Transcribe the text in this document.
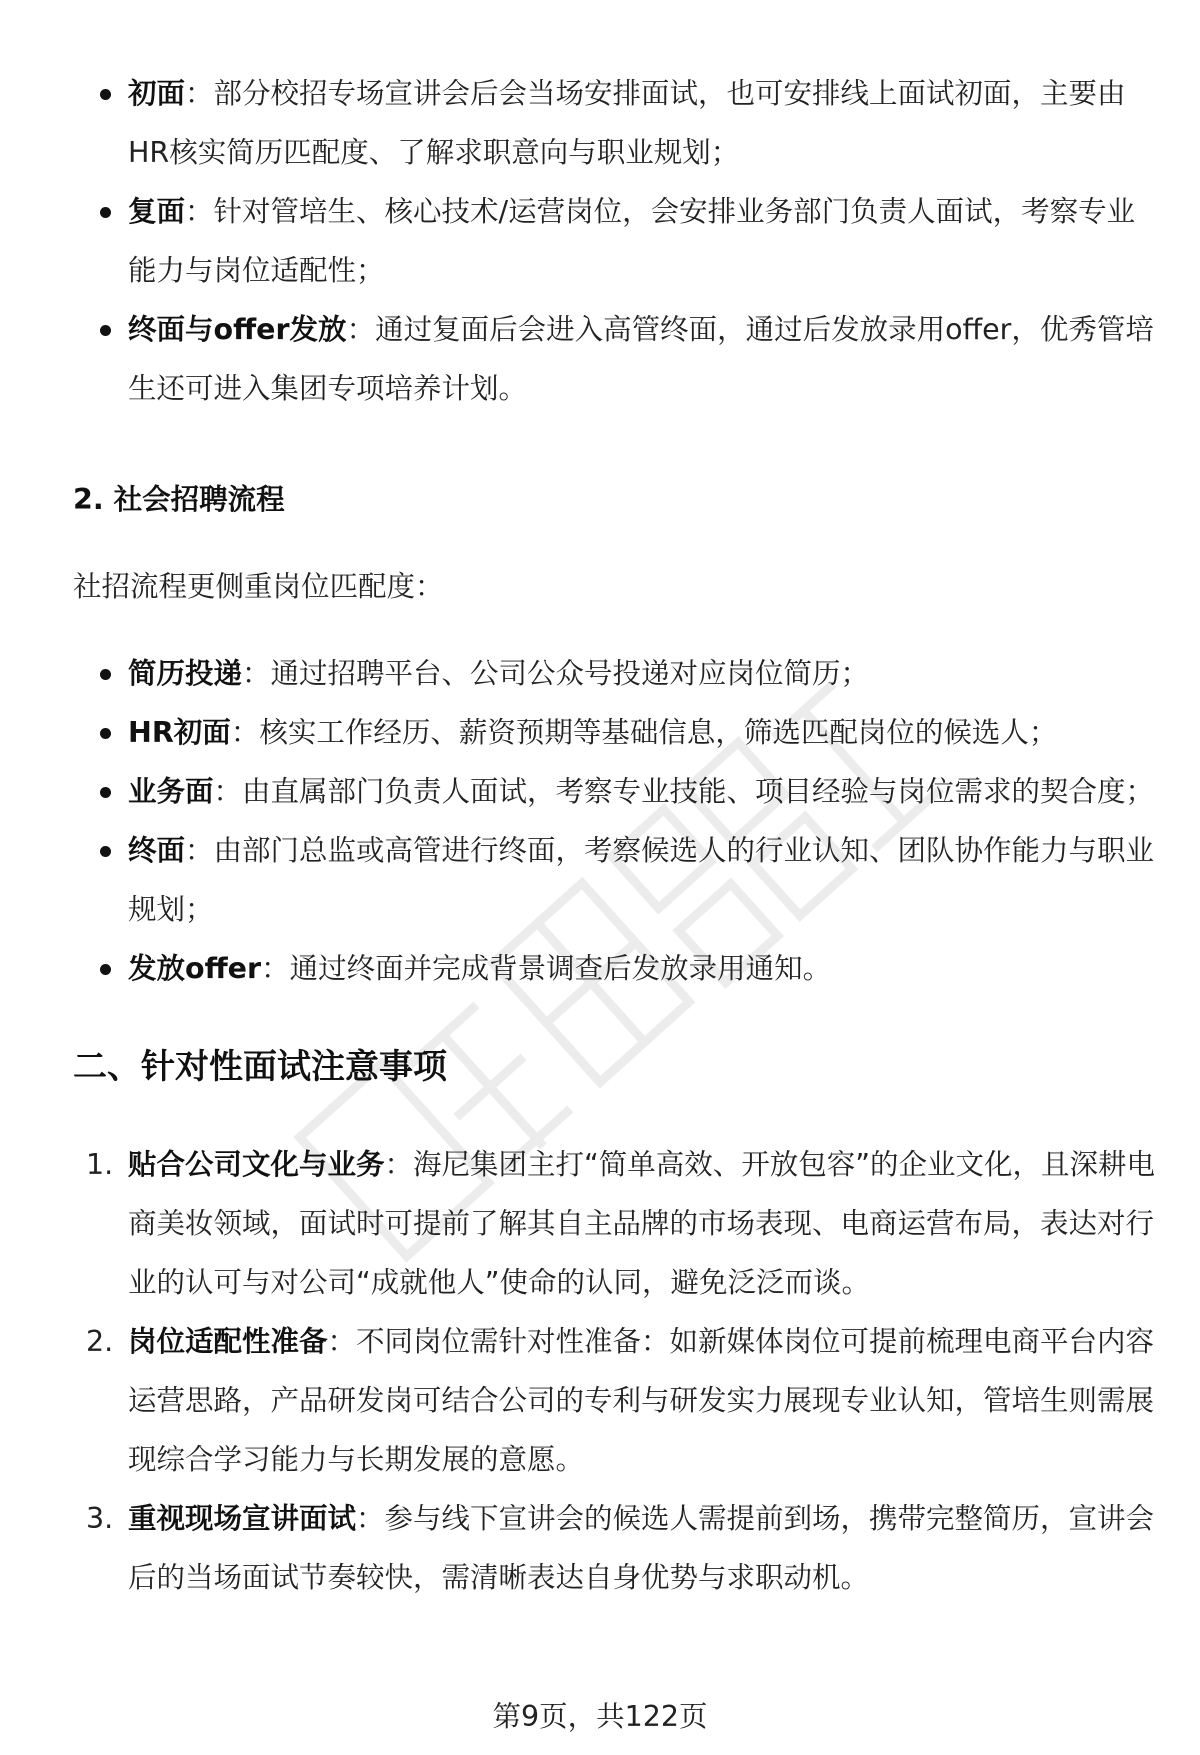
初面：部分校招专场宣讲会后会当场安排面试，也可安排线上面试初面，主要由HR核实简历匹配度、了解求职意向与职业规划；
复面：针对管培生、核心技术/运营岗位，会安排业务部门负责人面试，考察专业能力与岗位适配性；
终面与offer发放：通过复面后会进入高管终面，通过后发放录用offer，优秀管培生还可进入集团专项培养计划。
2. 社会招聘流程
社招流程更侧重岗位匹配度：
简历投递：通过招聘平台、公司公众号投递对应岗位简历；
HR初面：核实工作经历、薪资预期等基础信息，筛选匹配岗位的候选人；
业务面：由直属部门负责人面试，考察专业技能、项目经验与岗位需求的契合度；
终面：由部门总监或高管进行终面，考察候选人的行业认知、团队协作能力与职业规划；
发放offer：通过终面并完成背景调查后发放录用通知。
二、针对性面试注意事项
1. 贴合公司文化与业务：海尼集团主打“简单高效、开放包容”的企业文化，且深耕电商美妆领域，面试时可提前了解其自主品牌的市场表现、电商运营布局，表达对行业的认可与对公司“成就他人”使命的认同，避免泛泛而谈。
2. 岗位适配性准备：不同岗位需针对性准备：如新媒体岗位可提前梳理电商平台内容运营思路，产品研发岗可结合公司的专利与研发实力展现专业认知，管培生则需展现综合学习能力与长期发展的意愿。
3. 重视现场宣讲面试：参与线下宣讲会的候选人需提前到场，携带完整简历，宣讲会后的当场面试节奏较快，需清晰表达自身优势与求职动机。
第9页，共122页
